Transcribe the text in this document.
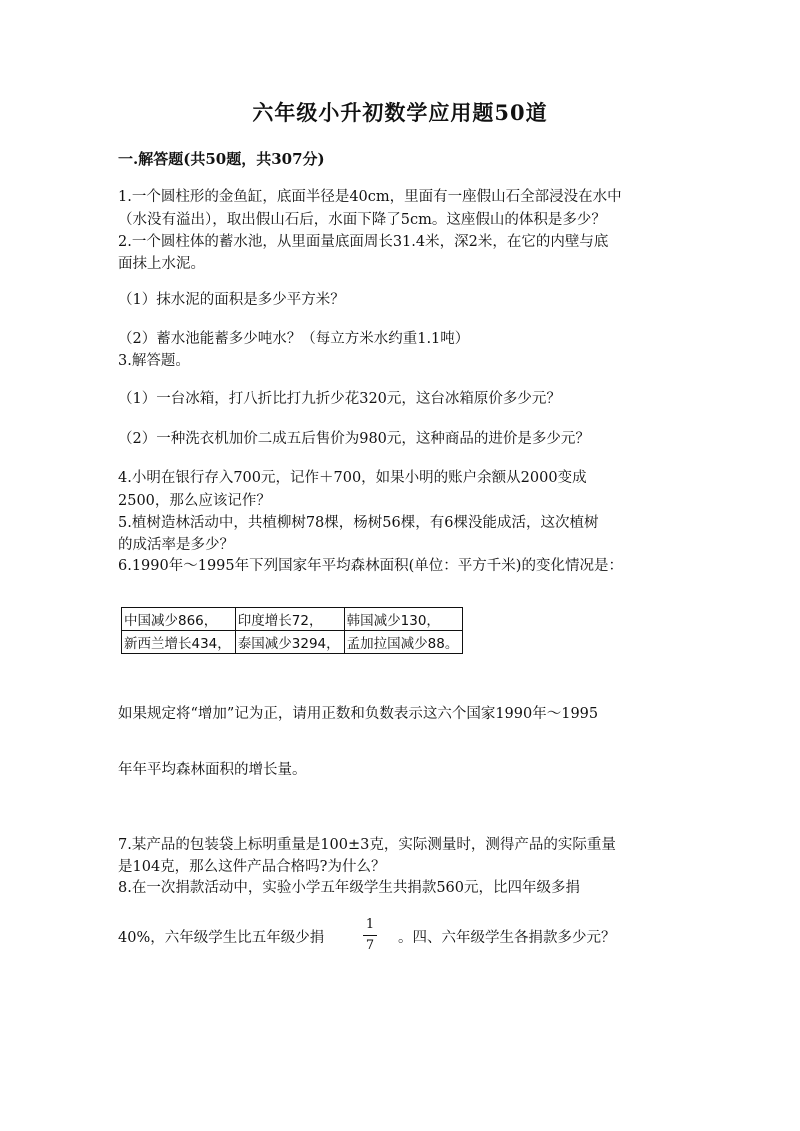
六年级小升初数学应用题50道
一.解答题(共50题，共307分)
1.一个圆柱形的金鱼缸，底面半径是40cm，里面有一座假山石全部浸没在水中
（水没有溢出），取出假山石后，水面下降了5cm。这座假山的体积是多少？
2.一个圆柱体的蓄水池，从里面量底面周长31.4米，深2米，在它的内壁与底
面抹上水泥。
（1）抹水泥的面积是多少平方米？
（2）蓄水池能蓄多少吨水？（每立方米水约重1.1吨）
3.解答题。
（1）一台冰箱，打八折比打九折少花320元，这台冰箱原价多少元？
（2）一种洗衣机加价二成五后售价为980元，这种商品的进价是多少元？
4.小明在银行存入700元，记作＋700，如果小明的账户余额从2000变成
2500，那么应该记作？
5.植树造林活动中，共植柳树78棵，杨树56棵，有6棵没能成活，这次植树
的成活率是多少？
6.1990年～1995年下列国家年平均森林面积(单位：平方千米)的变化情况是：
中国减少866，	印度增长72，	韩国减少130，
新西兰增长434，	泰国减少3294，	孟加拉国减少88。
如果规定将“增加”记为正，请用正数和负数表示这六个国家1990年～1995
年年平均森林面积的增长量。
7.某产品的包装袋上标明重量是100±3克，实际测量时，测得产品的实际重量
是104克，那么这件产品合格吗?为什么？
8.在一次捐款活动中，实验小学五年级学生共捐款560元，比四年级多捐
40%，六年级学生比五年级少捐
1
7	。四、六年级学生各捐款多少元？
